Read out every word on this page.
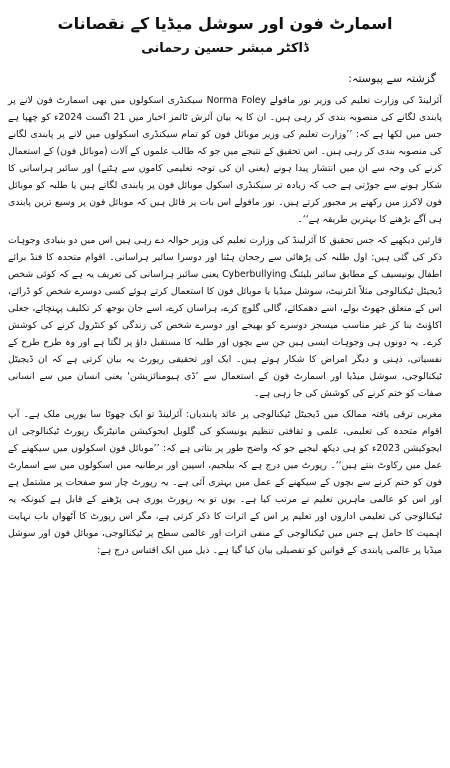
اسمارٹ فون اور سوشل میڈیا کے نقصانات
ڈاکٹر مبشر حسین رحمانی
گزشتہ سے پیوستہ:

آئرلینڈ کی وزارت تعلیم کی وزیر نور مافولے Norma Foley سیکنڈری اسکولوں میں بھی اسمارٹ فون لانے پر پابندی لگانے کی منصوبہ بندی کر رہی ہیں۔ ان کا یہ بیان آئرش ٹائمز اخبار میں 21 اگست 2024ء کو چھپا ہے جس میں لکھا ہے کہ: ’’وزارت تعلیم کی وزیر موبائل فون کو تمام سیکنڈری اسکولوں میں لانے پر پابندی لگانے کی منصوبہ بندی کر رہی ہیں۔ اس تحقیق کے نتیجے میں جو کہ طالب علموں کے آلات (موبائل فون) کے استعمال کرنے کی وجہ سے ان میں انتشار پیدا ہونے (یعنی ان کی توجہ تعلیمی کاموں سے ہٹنے) اور سائبر ہراسانی کا شکار ہونے سے جوڑتی ہے جب کہ زیادہ تر سیکنڈری اسکول موبائل فون پر پابندی لگاتے ہیں یا طلبہ کو موبائل فون لاکرز میں رکھنے پر مجبور کرتے ہیں۔ نور مافولے اس بات پر قائل ہیں کہ موبائل فون پر وسیع ترین پابندی ہی آگے بڑھنے کا بہترین طریقہ ہے‘‘۔

قارئین دیکھیے کہ جس تحقیق کا آئرلینڈ کی وزارت تعلیم کی وزیر حوالہ دے رہی ہیں اس میں دو بنیادی وجوہات ذکر کی گئی ہیں: اول طلبہ کی پڑھائی سے رجحان ہٹنا اور دوسرا سائبر ہراسانی۔ اقوام متحدہ کا فنڈ برائے اطفال یونیسیف کے مطابق سائبر بلیئنگ Cyberbullying یعنی سائبر ہراسانی کی تعریف یہ ہے کہ کوئی شخص ڈیجیٹل ٹیکنالوجی مثلاً انٹرنیٹ، سوشل میڈیا یا موبائل فون کا استعمال کرتے ہوئے کسی دوسرے شخص کو ڈرائے، اس کے متعلق جھوٹ بولے، اسے دھمکائے، گالی گلوچ کرے، ہراساں کرے، اسے جان بوجھ کر تکلیف پہنچائے، جعلی اکاؤنٹ بنا کر غیر مناسب میسجز دوسرے کو بھیجے اور دوسرے شخص کی زندگی کو کنٹرول کرنے کی کوشش کرے۔ یہ دونوں ہی وجوہات ایسی ہیں جن سے بچوں اور طلبہ کا مستقبل داؤ پر لگتا ہے اور وہ طرح طرح کے نفسیاتی، ذہنی و دیگر امراض کا شکار ہوتے ہیں۔ ایک اور تحقیقی رپورٹ یہ بیان کرتی ہے کہ ان ڈیجیٹل ٹیکنالوجی، سوشل میڈیا اور اسمارٹ فون کے استعمال سے ’ڈی ہیومنائزیشن‘ یعنی انسان میں سے انسانی صفات کو ختم کرنے کی کوشش کی جا رہی ہے۔

مغربی ترقی یافتہ ممالک میں ڈیجیٹل ٹیکنالوجی پر عائد پابندیاں: آئرلینڈ تو ایک چھوٹا سا یورپی ملک ہے۔ آپ اقوام متحدہ کی تعلیمی، علمی و ثقافتی تنظیم یونیسکو کی گلوبل ایجوکیشن مانیٹرنگ رپورٹ ٹیکنالوجی ان ایجوکیشن 2023ء کو ہی دیکھ لیجیے جو کہ واضح طور پر بتاتی ہے کہ: ’’موبائل فون اسکولوں میں سیکھنے کے عمل میں رکاوٹ بنتے ہیں‘‘۔ رپورٹ میں درج ہے کہ بیلجیم، اسپین اور برطانیہ میں اسکولوں میں سے اسمارٹ فون کو ختم کرنے سے بچوں کے سیکھنے کے عمل میں بہتری آئی ہے۔ یہ رپورٹ چار سو صفحات پر مشتمل ہے اور اس کو عالمی ماہرین تعلیم نے مرتب کیا ہے۔ یوں تو یہ رپورٹ پوری ہی پڑھنے کے قابل ہے کیونکہ یہ ٹیکنالوجی کی تعلیمی اداروں اور تعلیم پر اس کے اثرات کا ذکر کرتی ہے، مگر اس رپورٹ کا آٹھواں باب نہایت اہمیت کا حامل ہے جس میں ٹیکنالوجی کے منفی اثرات اور عالمی سطح پر ٹیکنالوجی، موبائل فون اور سوشل میڈیا پر عالمی پابندی کے قوانین کو تفصیلی بیان کیا گیا ہے۔ ذیل میں ایک اقتباس درج ہے:
